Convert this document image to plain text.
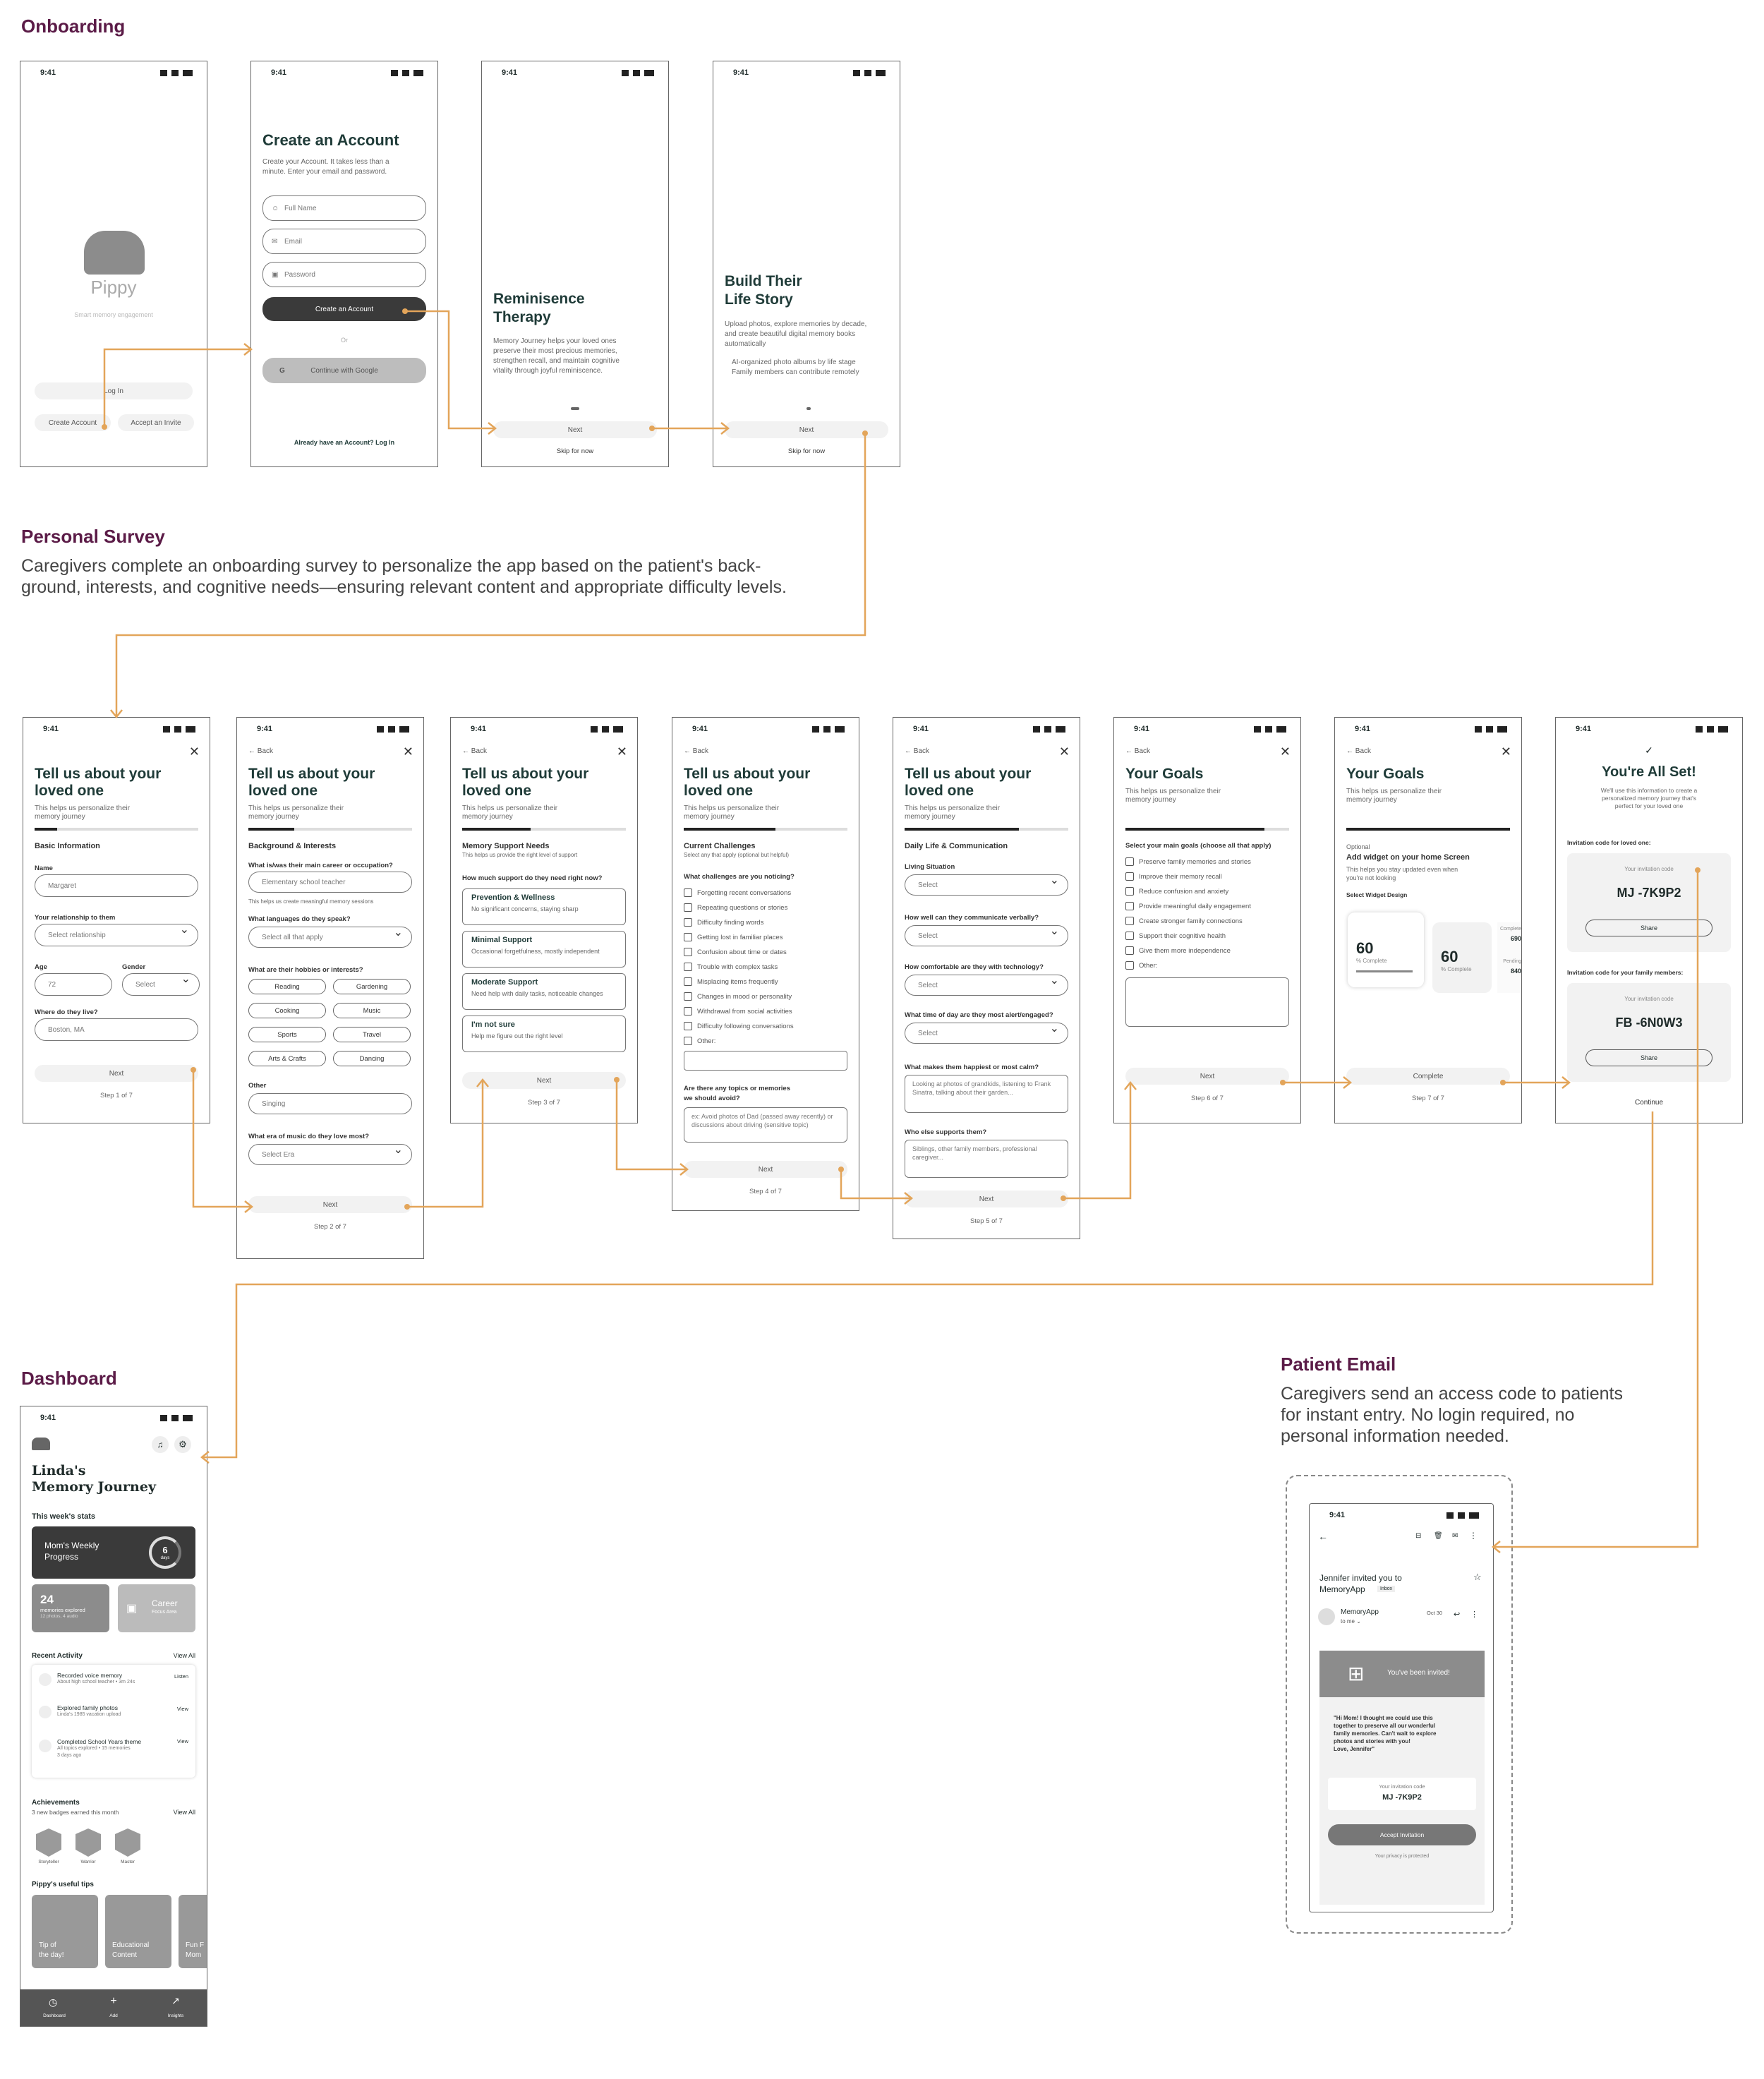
Onboarding
Personal Survey
Caregivers complete an onboarding survey to personalize the app based on the patient's back-
ground, interests, and cognitive needs—ensuring relevant content and appropriate difficulty levels.
Dashboard
Patient Email
Caregivers send an access code to patients
for instant entry. No login required, no
personal information needed.
9:41
Pippy
Smart memory engagement
Log In
Create Account	Accept an Invite
9:41
Create an Account
Create your Account. It takes less than a
minute. Enter your email and password.
☺ Full Name
✉ Email
▣ Password
Create an Account
Or
G	Continue with Google
Already have an Account? Log In
9:41
Reminisence
Therapy
Memory Journey helps your loved ones
preserve their most precious memories,
strengthen recall, and maintain cognitive
vitality through joyful reminiscence.
Next
Skip for now
9:41
Build Their
Life Story
Upload photos, explore memories by decade,
and create beautiful digital memory books
automatically
AI-organized photo albums by life stage
Family members can contribute remotely
Next
Skip for now
9:41
✕
Tell us about your
loved one
This helps us personalize their
memory journey
Basic Information
Name
Margaret
Your relationship to them
Select relationship ⌄
Age	Gender
72	Select ⌄
Where do they live?
Boston, MA
Next
Step 1 of 7
9:41
← Back	✕
Tell us about your
loved one
This helps us personalize their
memory journey
Background & Interests
What is/was their main career or occupation?
Elementary school teacher
This helps us create meaningful memory sessions
What languages do they speak?
Select all that apply ⌄
What are their hobbies or interests?
Reading	Gardening
Cooking	Music
Sports	Travel
Arts & Crafts	Dancing
Other
Singing
What era of music do they love most?
Select Era ⌄
Next
Step 2 of 7
9:41
← Back	✕
Tell us about your
loved one
This helps us personalize their
memory journey
Memory Support Needs
This helps us provide the right level of support
How much support do they need right now?
Prevention & Wellness
No significant concerns, staying sharp
Minimal Support
Occasional forgetfulness, mostly independent
Moderate Support
Need help with daily tasks, noticeable changes
I'm not sure
Help me figure out the right level
Next
Step 3 of 7
9:41
← Back
Tell us about your
loved one
This helps us personalize their
memory journey
Current Challenges
Select any that apply (optional but helpful)
What challenges are you noticing?
Forgetting recent conversations
Repeating questions or stories
Difficulty finding words
Getting lost in familiar places
Confusion about time or dates
Trouble with complex tasks
Misplacing items frequently
Changes in mood or personality
Withdrawal from social activities
Difficulty following conversations
Other:
Are there any topics or memories
we should avoid?
ex: Avoid photos of Dad (passed away recently) or discussions about driving (sensitive topic)
Next
Step 4 of 7
9:41
← Back	✕
Tell us about your
loved one
This helps us personalize their
memory journey
Daily Life & Communication
Living Situation
Select ⌄
How well can they communicate verbally?
Select ⌄
How comfortable are they with technology?
Select ⌄
What time of day are they most alert/engaged?
Select ⌄
What makes them happiest or most calm?
Looking at photos of grandkids, listening to Frank Sinatra, talking about their garden...
Who else supports them?
Siblings, other family members, professional caregiver...
Next
Step 5 of 7
9:41
← Back	✕
Your Goals
This helps us personalize their
memory journey
Select your main goals (choose all that apply)
Preserve family memories and stories
Improve their memory recall
Reduce confusion and anxiety
Provide meaningful daily engagement
Create stronger family connections
Support their cognitive health
Give them more independence
Other:
Next
Step 6 of 7
9:41
← Back	✕
Your Goals
This helps us personalize their
memory journey
Optional
Add widget on your home Screen
This helps you stay updated even when
you're not looking
Select Widget Design
60
% Complete	60
% Complete
Complete
690
Pending
840
Complete
Step 7 of 7
9:41
✓
You're All Set!
We'll use this information to create a
personalized memory journey that's
perfect for your loved one
Invitation code for loved one:
Your invitation code
MJ -7K9P2
Share
Invitation code for your family members:
Your invitation code
FB -6N0W3
Share
Continue
9:41
♫	⚙
Linda's
Memory Journey
This week's stats
Mom's Weekly
Progress
6
days
24
memories explored
12 photos, 4 audio
▣ Career
Focus Area
Recent Activity	View All
Recorded voice memory
About high school teacher • 3m 24s
Listen
Explored family photos
Linda's 1985 vacation upload
View
Completed School Years theme
All topics explored • 15 memories
3 days ago
View
Achievements
3 new badges earned this month	View All
Storyteller	Warrior	Master
Pippy's useful tips
Tip of
the day!
Educational
Content
Fun F
Mom
◷	+	↗
Dashboard	Add	Insights
9:41
←	⊟ 🗑 ✉ ⋮
Jennifer invited you to
MemoryApp	Inbox
☆
MemoryApp
to me ⌄
Oct 30 ↩ ⋮
⊞	You've been invited!
"Hi Mom! I thought we could use this
together to preserve all our wonderful
family memories. Can't wait to explore
photos and stories with you!
Love, Jennifer"
Your invitation code
MJ -7K9P2
Accept Invitation
Your privacy is protected
